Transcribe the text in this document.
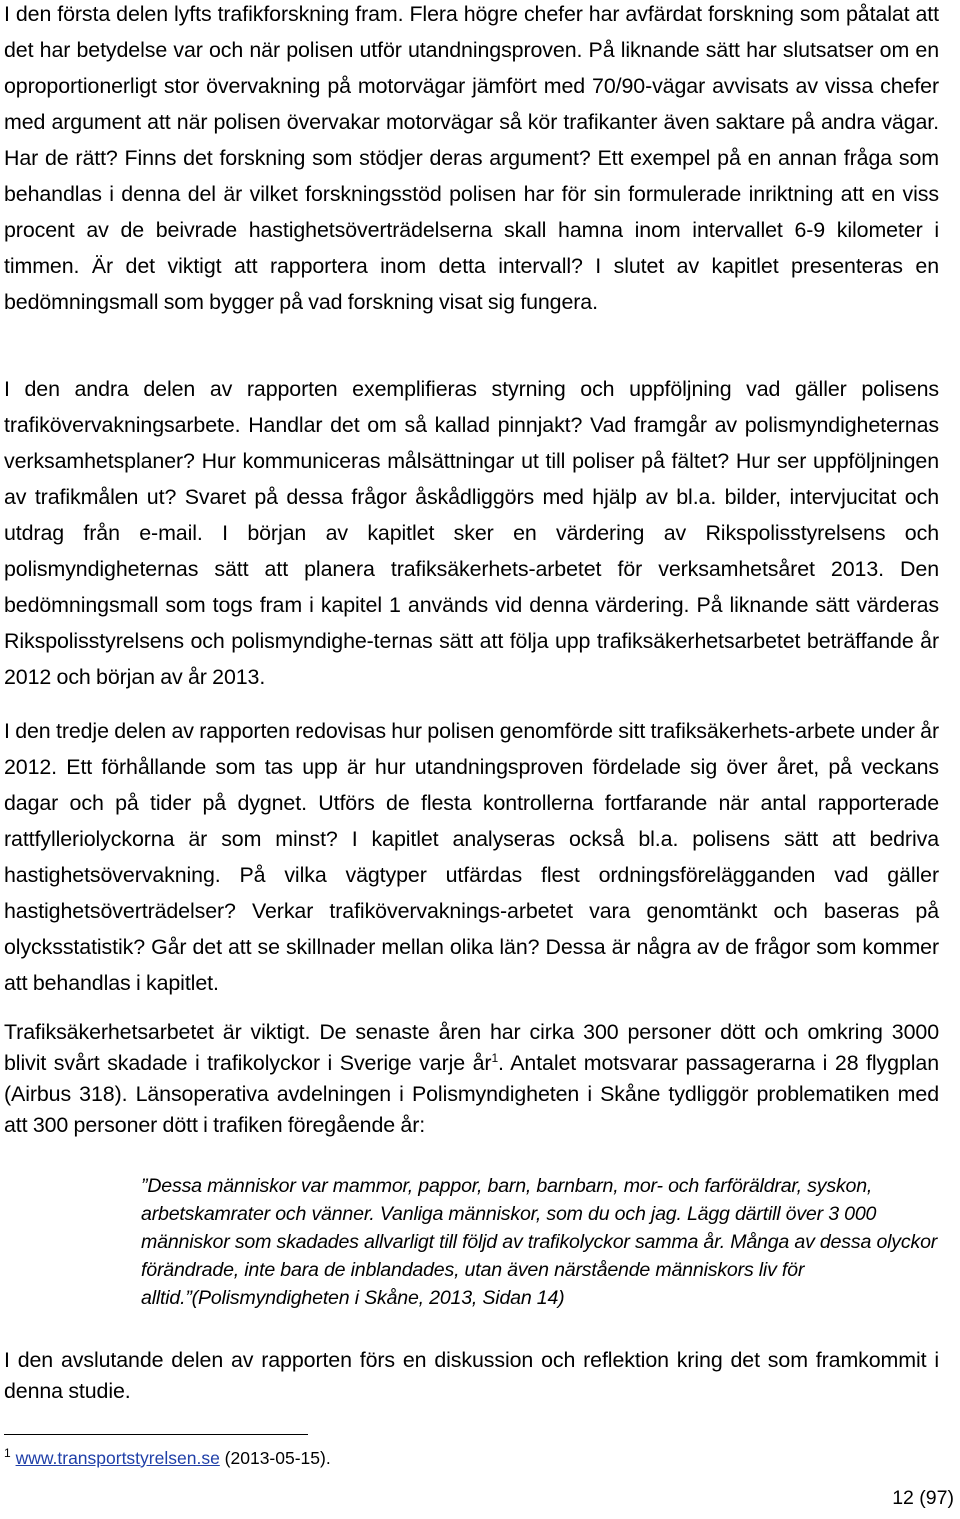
I den första delen lyfts trafikforskning fram. Flera högre chefer har avfärdat forskning som påtalat att det har betydelse var och när polisen utför utandningsproven. På liknande sätt har slutsatser om en oproportionerligt stor övervakning på motorvägar jämfört med 70/90-vägar avvisats av vissa chefer med argument att när polisen övervakar motorvägar så kör trafikanter även saktare på andra vägar. Har de rätt? Finns det forskning som stödjer deras argument? Ett exempel på en annan fråga som behandlas i denna del är vilket forskningsstöd polisen har för sin formulerade inriktning att en viss procent av de beivrade hastighetsöverträdelserna skall hamna inom intervallet 6-9 kilometer i timmen. Är det viktigt att rapportera inom detta intervall? I slutet av kapitlet presenteras en bedömningsmall som bygger på vad forskning visat sig fungera.

I den andra delen av rapporten exemplifieras styrning och uppföljning vad gäller polisens trafikövervakningsarbete. Handlar det om så kallad pinnjakt? Vad framgår av polismyndigheternas verksamhetsplaner? Hur kommuniceras målsättningar ut till poliser på fältet? Hur ser uppföljningen av trafikmålen ut? Svaret på dessa frågor åskådliggörs med hjälp av bl.a. bilder, intervjucitat och utdrag från e-mail. I början av kapitlet sker en värdering av Rikspolisstyrelsens och polismyndigheternas sätt att planera trafiksäkerhets-arbetet för verksamhetsåret 2013. Den bedömningsmall som togs fram i kapitel 1 används vid denna värdering. På liknande sätt värderas Rikspolisstyrelsens och polismyndighe-ternas sätt att följa upp trafiksäkerhetsarbetet beträffande år 2012 och början av år 2013.

I den tredje delen av rapporten redovisas hur polisen genomförde sitt trafiksäkerhets-arbete under år 2012. Ett förhållande som tas upp är hur utandningsproven fördelade sig över året, på veckans dagar och på tider på dygnet. Utförs de flesta kontrollerna fortfarande när antal rapporterade rattfylleriolyckorna är som minst? I kapitlet analyseras också bl.a. polisens sätt att bedriva hastighetsövervakning. På vilka vägtyper utfärdas flest ordningsförelägganden vad gäller hastighetsöverträdelser? Verkar trafikövervaknings-arbetet vara genomtänkt och baseras på olycksstatistik? Går det att se skillnader mellan olika län? Dessa är några av de frågor som kommer att behandlas i kapitlet.

Trafiksäkerhetsarbetet är viktigt. De senaste åren har cirka 300 personer dött och omkring 3000 blivit svårt skadade i trafikolyckor i Sverige varje $år^1$. Antalet motsvarar passagerarna i 28 flygplan (Airbus 318). Länsoperativa avdelningen i Polismyndigheten i Skåne tydliggör problematiken med att 300 personer dött i trafiken föregående år:

”Dessa människor var mammor, pappor, barn, barnbarn, mor- och farföräldrar, syskon, arbetskamrater och vänner. Vanliga människor, som du och jag. Lägg därtill över 3 000 människor som skadades allvarligt till följd av trafikolyckor samma år. Många av dessa olyckor förändrade, inte bara de inblandades, utan även närstående människors liv för alltid.”(Polismyndigheten i Skåne, 2013, Sidan 14)

I den avslutande delen av rapporten förs en diskussion och reflektion kring det som framkommit i denna studie.

$^1$ www.transportstyrelsen.se (2013-05-15).

12 (97)
